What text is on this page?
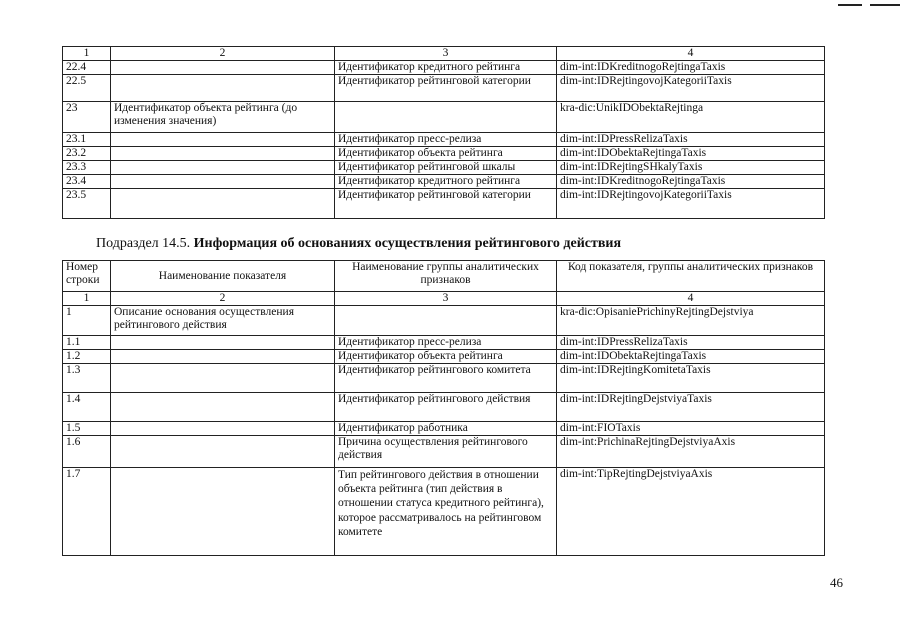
1	2	3	4
22.4		Идентификатор кредитного рейтинга	dim-int:IDKreditnogoRejtingaTaxis
22.5		Идентификатор рейтинговой категории	dim-int:IDRejtingovojKategoriiTaxis
23	Идентификатор объекта рейтинга (до изменения значения)		kra-dic:UnikIDObektaRejtinga
23.1		Идентификатор пресс-релиза	dim-int:IDPressRelizaTaxis
23.2		Идентификатор объекта рейтинга	dim-int:IDObektaRejtingaTaxis
23.3		Идентификатор рейтинговой шкалы	dim-int:IDRejtingSHkalyTaxis
23.4		Идентификатор кредитного рейтинга	dim-int:IDKreditnogoRejtingaTaxis
23.5		Идентификатор рейтинговой категории	dim-int:IDRejtingovojKategoriiTaxis
Подраздел 14.5. Информация об основаниях осуществления рейтингового действия
Номер строки	Наименование показателя	Наименование группы аналитических признаков	Код показателя, группы аналитических признаков
1	2	3	4
1	Описание основания осуществления рейтингового действия		kra-dic:OpisaniePrichinyRejtingDejstviya
1.1		Идентификатор пресс-релиза	dim-int:IDPressRelizaTaxis
1.2		Идентификатор объекта рейтинга	dim-int:IDObektaRejtingaTaxis
1.3		Идентификатор рейтингового комитета	dim-int:IDRejtingKomitetaTaxis
1.4		Идентификатор рейтингового действия	dim-int:IDRejtingDejstviyaTaxis
1.5		Идентификатор работника	dim-int:FIOTaxis
1.6		Причина осуществления рейтингового действия	dim-int:PrichinaRejtingDejstviyaAxis
1.7		Тип рейтингового действия в отношении объекта рейтинга (тип действия в отношении статуса кредитного рейтинга), которое рассматривалось на рейтинговом комитете	dim-int:TipRejtingDejstviyaAxis
46
